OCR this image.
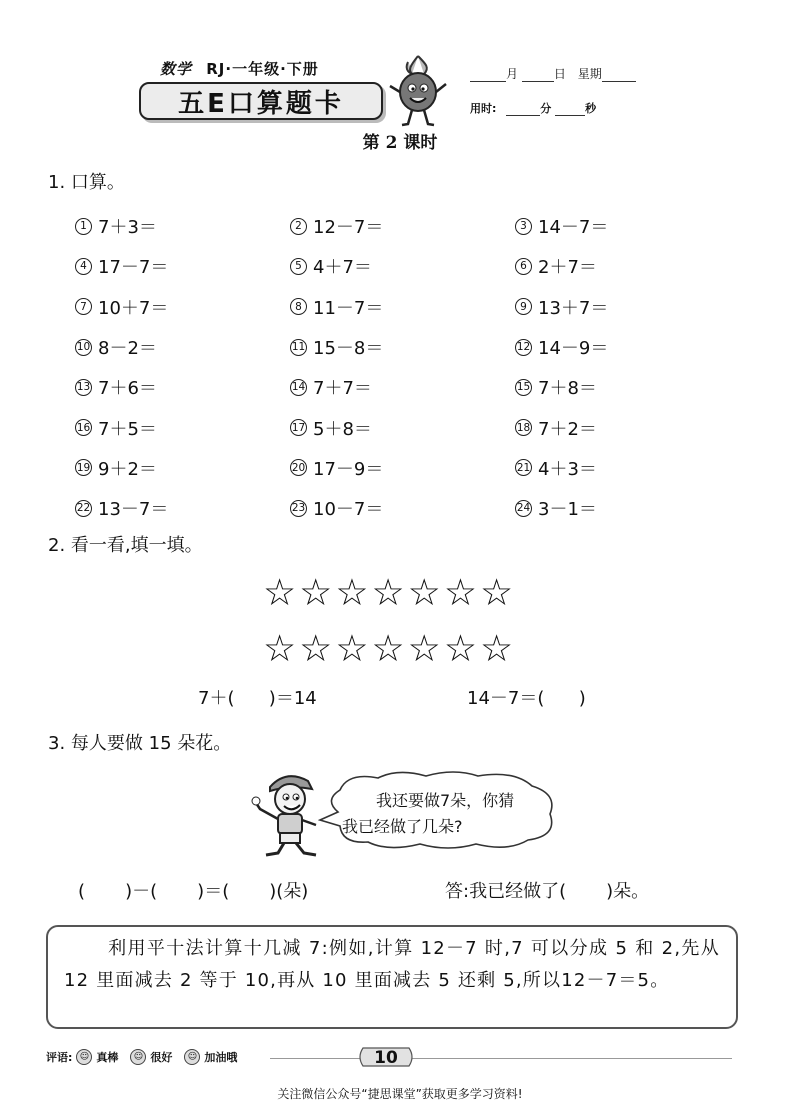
数学 RJ·一年级·下册
五E口算题卡
月	日 星期
用时:	分	秒
第 2 课时
1. 口算。
1 7＋3＝	2 12－7＝	3 14－7＝
4 17－7＝	5 4＋7＝	6 2＋7＝
7 10＋7＝	8 11－7＝	9 13＋7＝
10 8－2＝	11 15－8＝	12 14－9＝
13 7＋6＝	14 7＋7＝	15 7＋8＝
16 7＋5＝	17 5＋8＝	18 7＋2＝
19 9＋2＝	20 17－9＝	21 4＋3＝
22 13－7＝	23 10－7＝	24 3－1＝
2. 看一看,填一填。
☆☆☆☆☆☆☆
☆☆☆☆☆☆☆
7＋(      )＝14	14－7＝(      )
3. 每人要做 15 朵花。
我还要做7朵，你猜
我已经做了几朵?
(       )－(       )＝(       )(朵)	答:我已经做了(       )朵。
利用平十法计算十几减 7:例如,计算 12－7 时,7 可以分成 5 和 2,先从 12 里面减去 2 等于 10,再从 10 里面减去 5 还剩 5,所以12－7＝5。
评语: ☺ 真棒	☺ 很好	☺ 加油哦	10
关注微信公众号“捷思课堂”获取更多学习资料!
